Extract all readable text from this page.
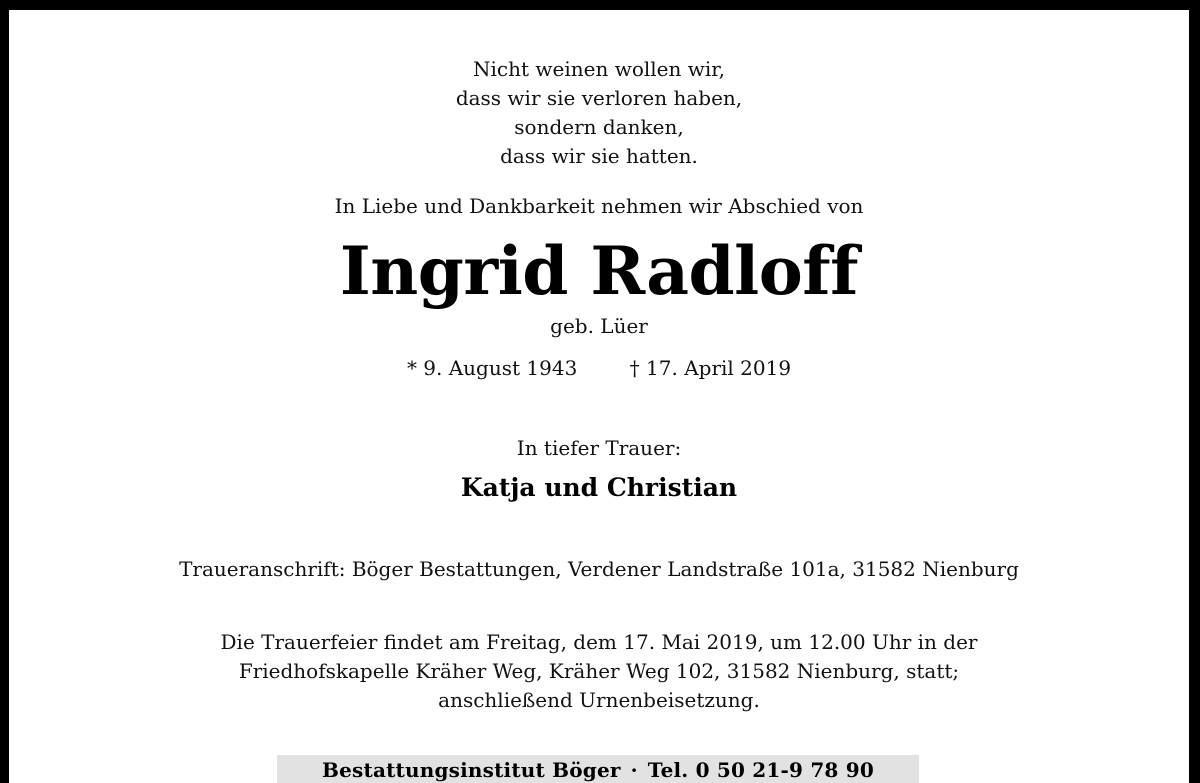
Nicht weinen wollen wir,
dass wir sie verloren haben,
sondern danken,
dass wir sie hatten.
In Liebe und Dankbarkeit nehmen wir Abschied von
Ingrid Radloff
geb. Lüer
* 9. August 1943	† 17. April 2019
In tiefer Trauer:
Katja und Christian
Traueranschrift: Böger Bestattungen, Verdener Landstraße 101a, 31582 Nienburg
Die Trauerfeier findet am Freitag, dem 17. Mai 2019, um 12.00 Uhr in der
Friedhofskapelle Kräher Weg, Kräher Weg 102, 31582 Nienburg, statt;
anschließend Urnenbeisetzung.
Bestattungsinstitut Böger · Tel. 0 50 21-9 78 90
